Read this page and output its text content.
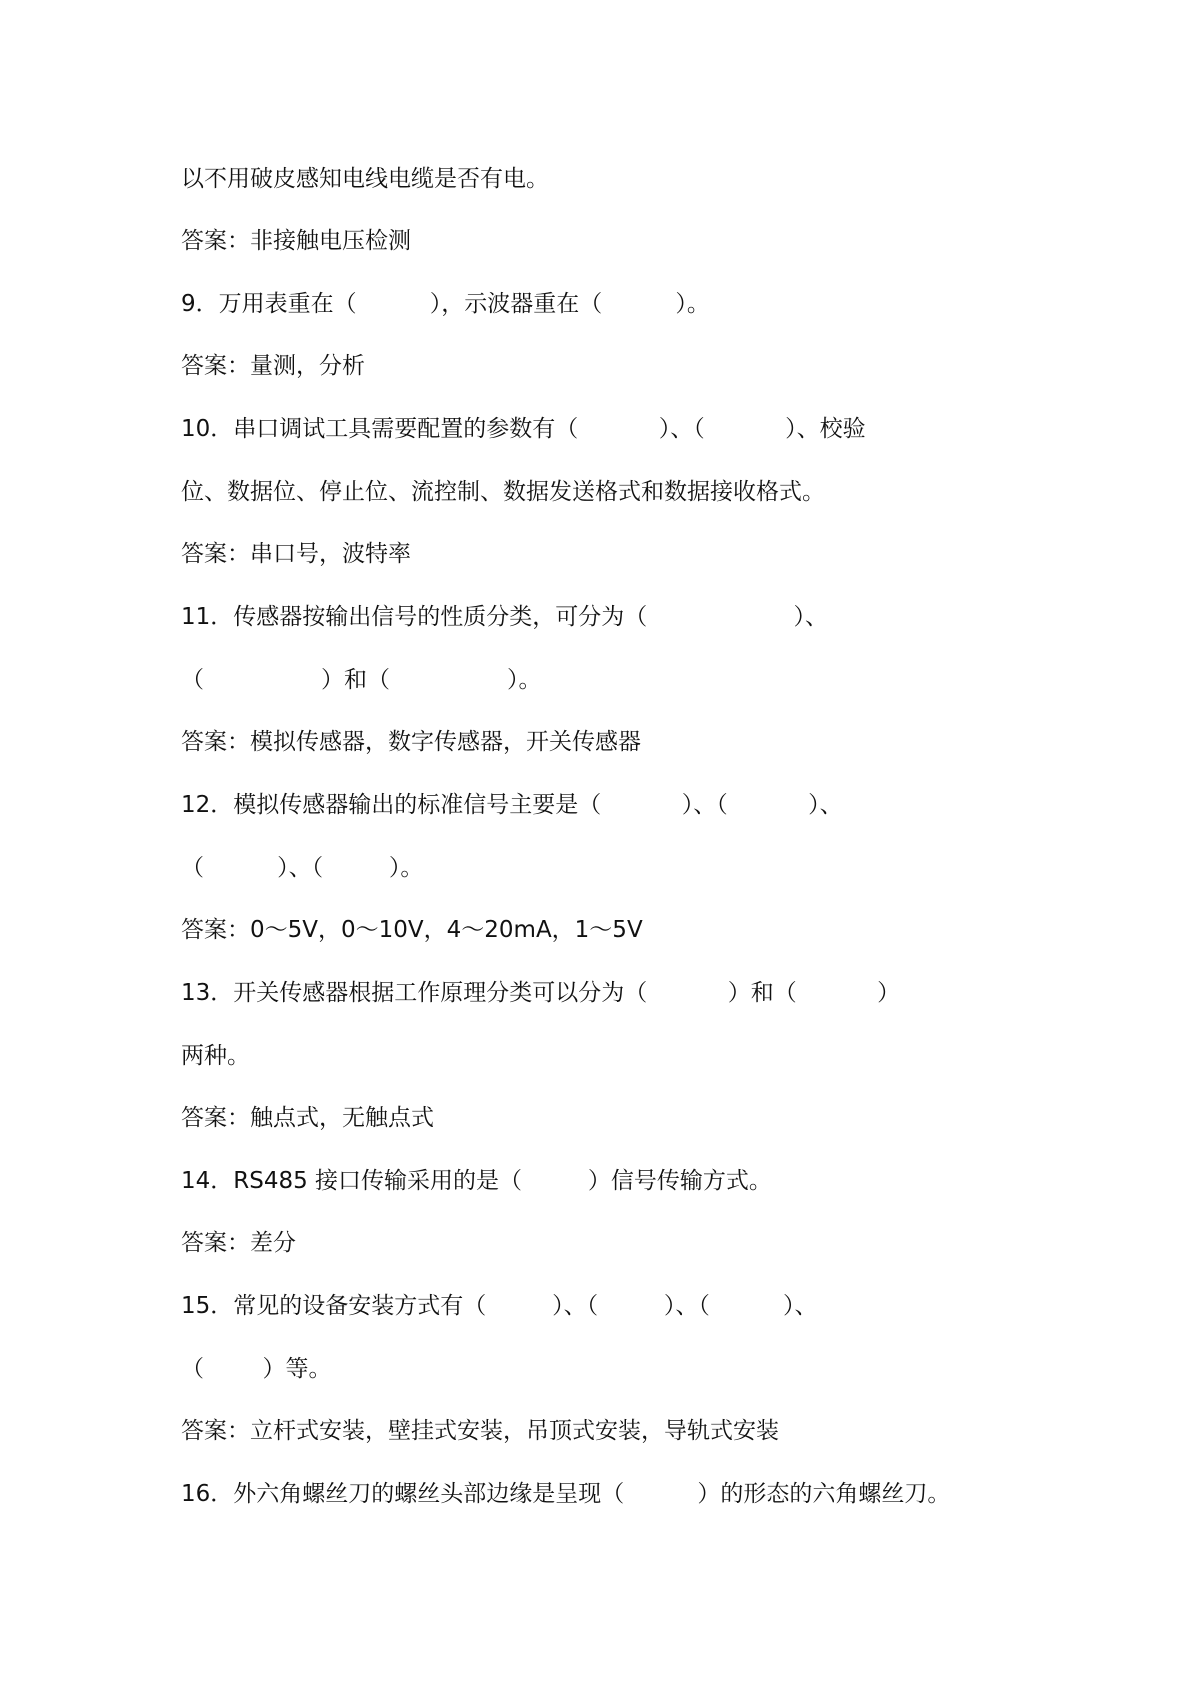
以不用破皮感知电线电缆是否有电。
答案：非接触电压检测
9．万用表重在（          ），示波器重在（          ）。
答案：量测，分析
10．串口调试工具需要配置的参数有（           ）、（           ）、校验
位、数据位、停止位、流控制、数据发送格式和数据接收格式。
答案：串口号，波特率
11．传感器按输出信号的性质分类，可分为（                    ）、
（                ）和（                ）。
答案：模拟传感器，数字传感器，开关传感器
12．模拟传感器输出的标准信号主要是（           ）、（           ）、
（          ）、（         ）。
答案：0～5V，0～10V，4～20mA，1～5V
13．开关传感器根据工作原理分类可以分为（           ）和（           ）
两种。
答案：触点式，无触点式
14．RS485 接口传输采用的是（         ）信号传输方式。
答案：差分
15．常见的设备安装方式有（         ）、（         ）、（          ）、
（        ）等。
答案：立杆式安装，壁挂式安装，吊顶式安装，导轨式安装
16．外六角螺丝刀的螺丝头部边缘是呈现（          ）的形态的六角螺丝刀。
